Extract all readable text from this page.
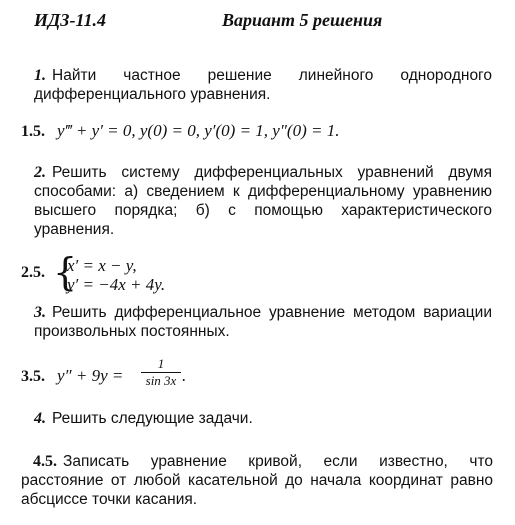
ИДЗ-11.4	Вариант 5 решения
1. Найти частное решение линейного однородного дифференциального уравнения.
1.5. y‴ + y′ = 0, y(0) = 0, y′(0) = 1, y″(0) = 1.
2. Решить систему дифференциальных уравнений двумя способами: а) сведением к дифференциальному уравнению высшего порядка; б) с помощью характеристического уравнения.
2.5. {
x′ = x − y,
y′ = −4x + 4y.
3. Решить дифференциальное уравнение методом вариации произвольных постоянных.
3.5. y″ + 9y =
1
sin 3x .
4. Решить следующие задачи.
4.5. Записать уравнение кривой, если известно, что расстояние от любой касательной до начала координат равно абсциссе точки касания.
